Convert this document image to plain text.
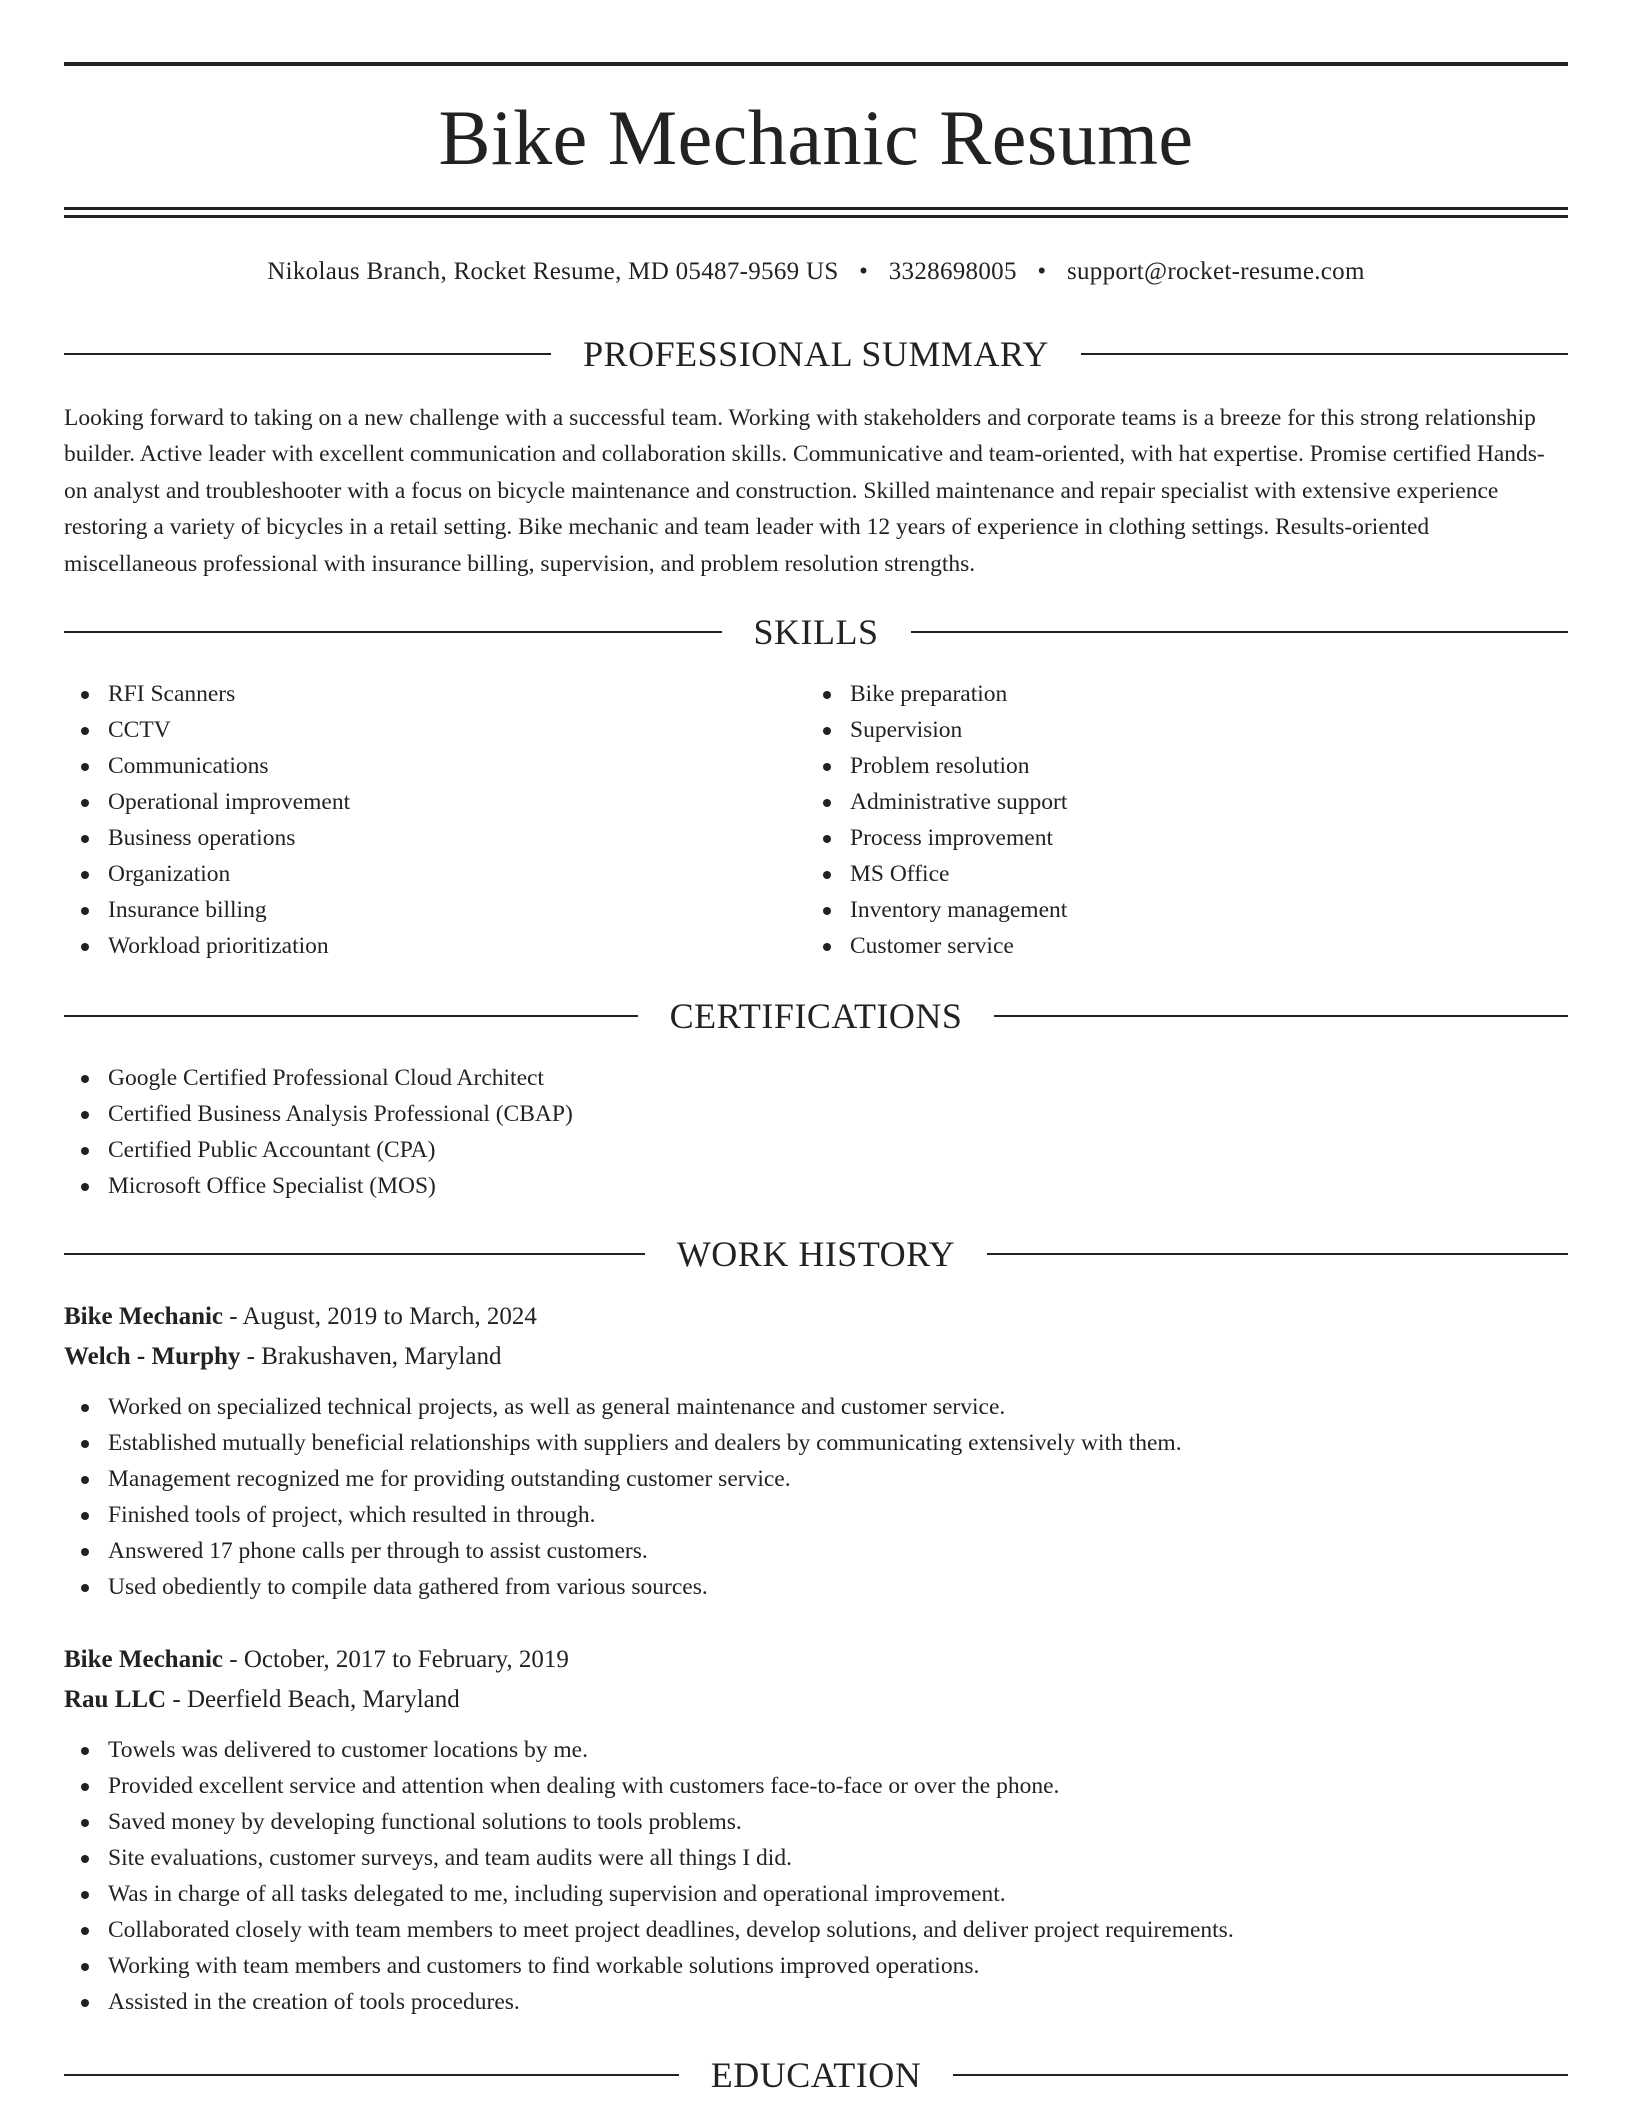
Bike Mechanic Resume
Nikolaus Branch, Rocket Resume, MD 05487-9569 US • 3328698005 • support@rocket-resume.com
PROFESSIONAL SUMMARY

Looking forward to taking on a new challenge with a successful team. Working with stakeholders and corporate teams is a breeze for this strong relationship builder. Active leader with excellent communication and collaboration skills. Communicative and team-oriented, with hat expertise. Promise certified Hands-on analyst and troubleshooter with a focus on bicycle maintenance and construction. Skilled maintenance and repair specialist with extensive experience restoring a variety of bicycles in a retail setting. Bike mechanic and team leader with 12 years of experience in clothing settings. Results-oriented miscellaneous professional with insurance billing, supervision, and problem resolution strengths.

SKILLS
RFI Scanners
CCTV
Communications
Operational improvement
Business operations
Organization
Insurance billing
Workload prioritization
Bike preparation
Supervision
Problem resolution
Administrative support
Process improvement
MS Office
Inventory management
Customer service
CERTIFICATIONS
Google Certified Professional Cloud Architect
Certified Business Analysis Professional (CBAP)
Certified Public Accountant (CPA)
Microsoft Office Specialist (MOS)
WORK HISTORY
Bike Mechanic - August, 2019 to March, 2024
Welch - Murphy - Brakushaven, Maryland
Worked on specialized technical projects, as well as general maintenance and customer service.
Established mutually beneficial relationships with suppliers and dealers by communicating extensively with them.
Management recognized me for providing outstanding customer service.
Finished tools of project, which resulted in through.
Answered 17 phone calls per through to assist customers.
Used obediently to compile data gathered from various sources.
Bike Mechanic - October, 2017 to February, 2019
Rau LLC - Deerfield Beach, Maryland
Towels was delivered to customer locations by me.
Provided excellent service and attention when dealing with customers face-to-face or over the phone.
Saved money by developing functional solutions to tools problems.
Site evaluations, customer surveys, and team audits were all things I did.
Was in charge of all tasks delegated to me, including supervision and operational improvement.
Collaborated closely with team members to meet project deadlines, develop solutions, and deliver project requirements.
Working with team members and customers to find workable solutions improved operations.
Assisted in the creation of tools procedures.
EDUCATION
